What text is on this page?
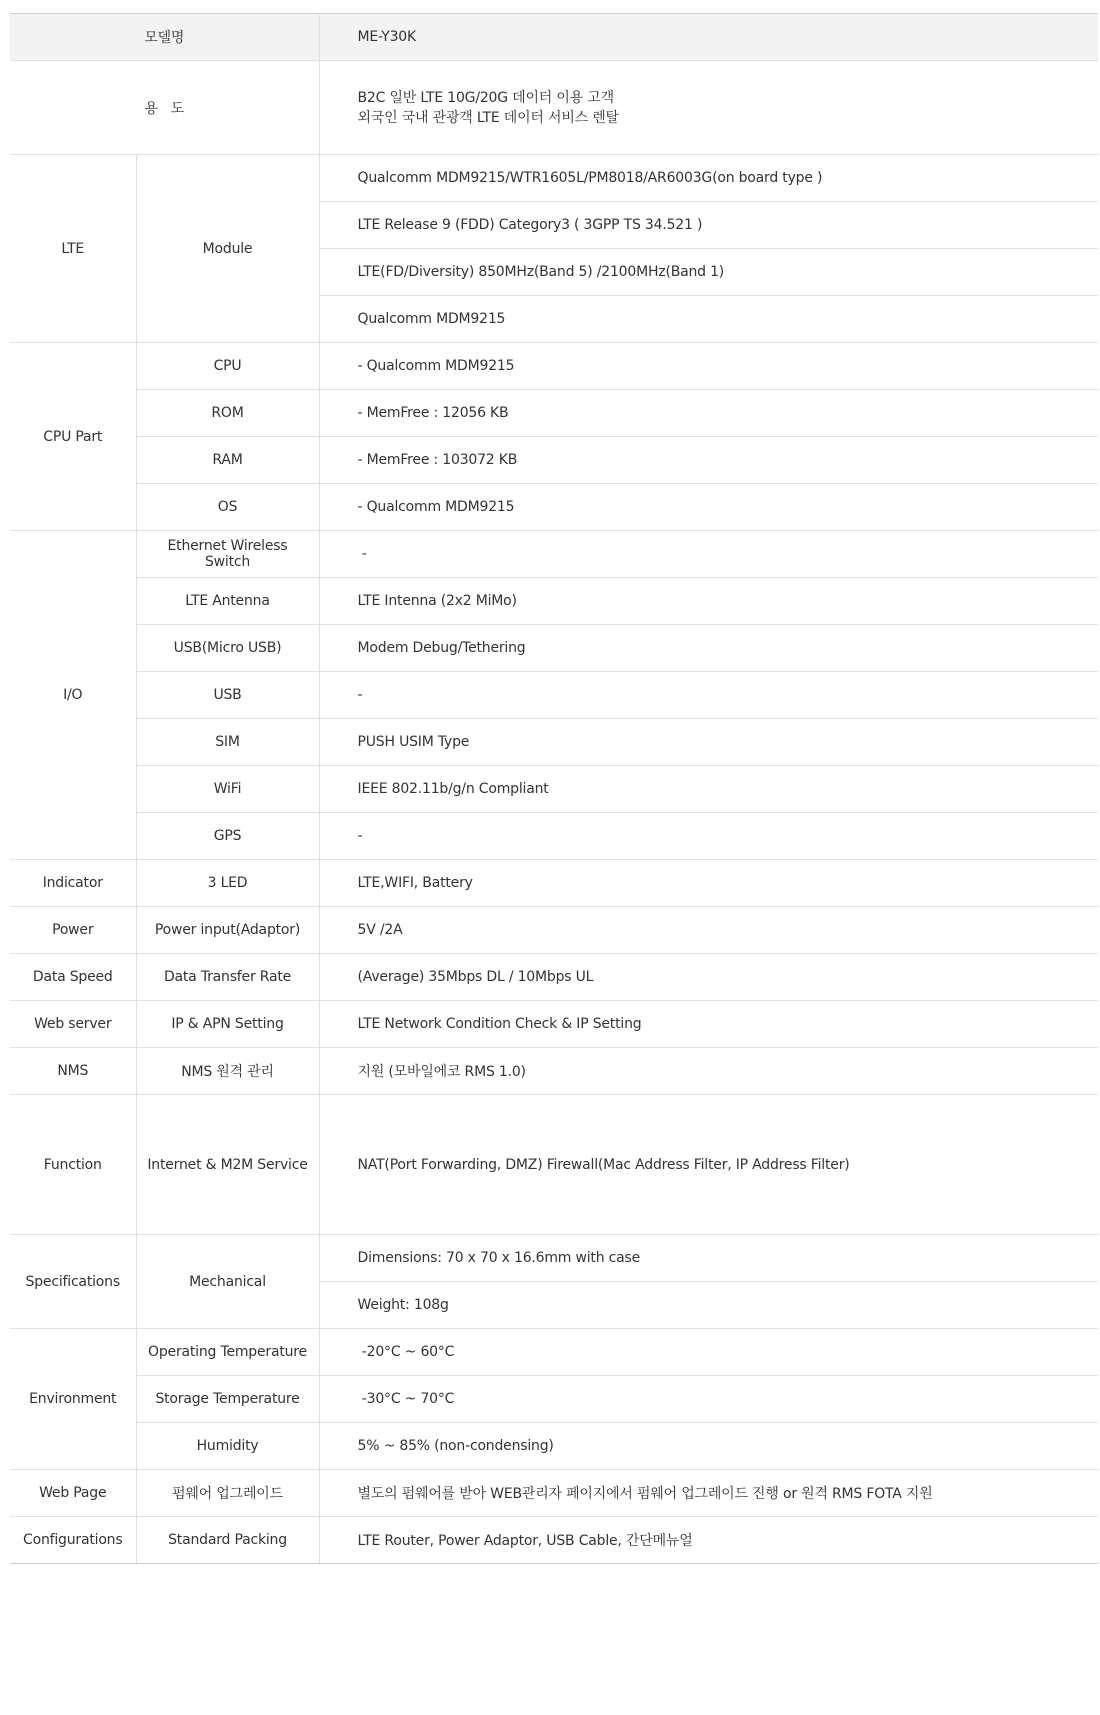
모델명		ME-Y30K
용   도		B2C 일반 LTE 10G/20G 데이터 이용 고객
외국인 국내 관광객 LTE 데이터 서비스 렌탈

LTE	Module	Qualcomm MDM9215/WTR1605L/PM8018/AR6003G(on board type )
		LTE Release 9 (FDD) Category3 ( 3GPP TS 34.521 )
		LTE(FD/Diversity) 850MHz(Band 5) /2100MHz(Band 1)
		Qualcomm MDM9215
CPU Part	CPU	- Qualcomm MDM9215
	ROM	- MemFree : 12056 KB
	RAM	- MemFree : 103072 KB
	OS	- Qualcomm MDM9215
I/O	Ethernet Wireless Switch	-
	LTE Antenna	LTE Intenna (2x2 MiMo)
	USB(Micro USB)	Modem Debug/Tethering
	USB	-
	SIM	PUSH USIM Type
	WiFi	IEEE 802.11b/g/n Compliant
	GPS	-
Indicator	3 LED	LTE,WIFI, Battery
Power	Power input(Adaptor)	5V /2A
Data Speed	Data Transfer Rate	(Average) 35Mbps DL / 10Mbps UL
Web server	IP & APN Setting	LTE Network Condition Check & IP Setting
NMS	NMS 원격 관리	지원 (모바일에코 RMS 1.0)
Function	Internet & M2M Service	NAT(Port Forwarding, DMZ) Firewall(Mac Address Filter, IP Address Filter)
Specifications	Mechanical	Dimensions: 70 x 70 x 16.6mm with case
		Weight: 108g
Environment	Operating Temperature	-20°C ~ 60°C
	Storage Temperature	-30°C ~ 70°C
	Humidity	5% ~ 85% (non-condensing)
Web Page	펌웨어 업그레이드	별도의 펌웨어를 받아 WEB관리자 페이지에서 펌웨어 업그레이드 진행 or 원격 RMS FOTA 지원
Configurations	Standard Packing	LTE Router, Power Adaptor, USB Cable, 간단메뉴얼
